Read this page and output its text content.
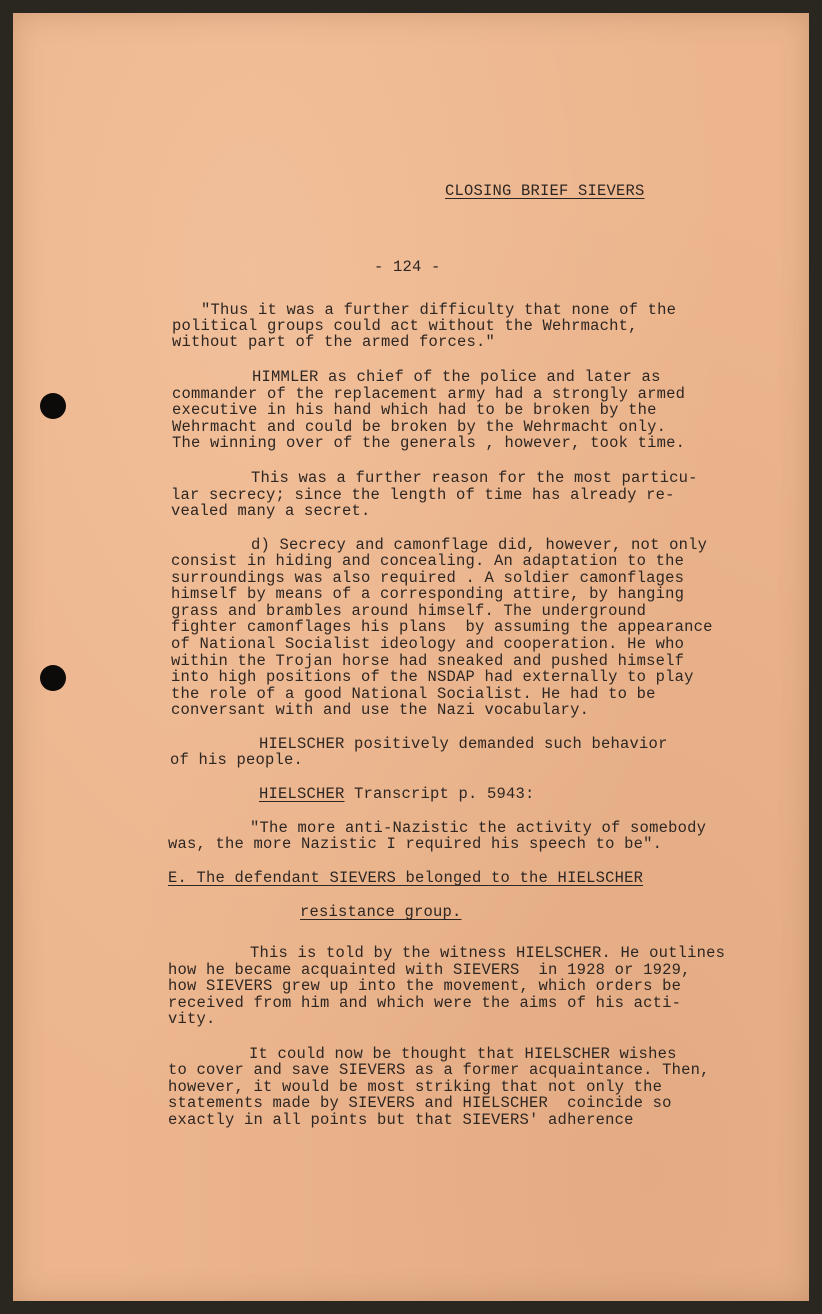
CLOSING BRIEF SIEVERS
- 124 -
"Thus it was a further difficulty that none of the
political groups could act without the Wehrmacht,
without part of the armed forces."
HIMMLER as chief of the police and later as
commander of the replacement army had a strongly armed
executive in his hand which had to be broken by the
Wehrmacht and could be broken by the Wehrmacht only.
The winning over of the generals , however, took time.
This was a further reason for the most particu-
lar secrecy; since the length of time has already re-
vealed many a secret.
d) Secrecy and camonflage did, however, not only
consist in hiding and concealing. An adaptation to the
surroundings was also required . A soldier camonflages
himself by means of a corresponding attire, by hanging
grass and brambles around himself. The underground
fighter camonflages his plans  by assuming the appearance
of National Socialist ideology and cooperation. He who
within the Trojan horse had sneaked and pushed himself
into high positions of the NSDAP had externally to play
the role of a good National Socialist. He had to be
conversant with and use the Nazi vocabulary.
HIELSCHER positively demanded such behavior
of his people.
HIELSCHER Transcript p. 5943:
"The more anti-Nazistic the activity of somebody
was, the more Nazistic I required his speech to be".
E. The defendant SIEVERS belonged to the HIELSCHER
resistance group.
This is told by the witness HIELSCHER. He outlines
how he became acquainted with SIEVERS  in 1928 or 1929,
how SIEVERS grew up into the movement, which orders be
received from him and which were the aims of his acti-
vity.
It could now be thought that HIELSCHER wishes
to cover and save SIEVERS as a former acquaintance. Then,
however, it would be most striking that not only the
statements made by SIEVERS and HIELSCHER  coincide so
exactly in all points but that SIEVERS' adherence
